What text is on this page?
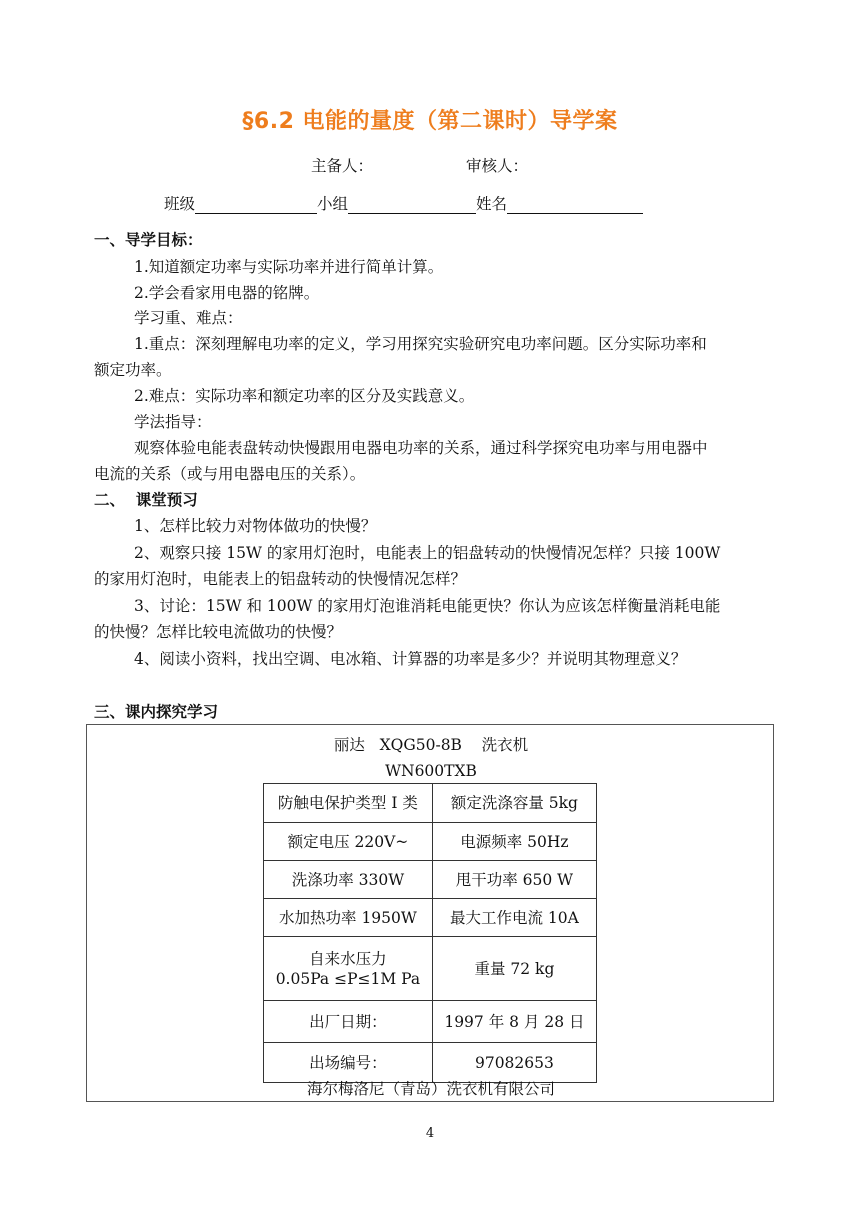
§6.2 电能的量度（第二课时）导学案
主备人：	审核人：
班级	小组	姓名
一、导学目标：
1.知道额定功率与实际功率并进行简单计算。
2.学会看家用电器的铭牌。
学习重、难点：
1.重点：深刻理解电功率的定义，学习用探究实验研究电功率问题。区分实际功率和
额定功率。
2.难点：实际功率和额定功率的区分及实践意义。
学法指导：
观察体验电能表盘转动快慢跟用电器电功率的关系，通过科学探究电功率与用电器中
电流的关系（或与用电器电压的关系）。
二、  课堂预习
1、怎样比较力对物体做功的快慢？
2、观察只接 15W 的家用灯泡时，电能表上的铝盘转动的快慢情况怎样？只接 100W
的家用灯泡时，电能表上的铝盘转动的快慢情况怎样？
3、讨论：15W 和 100W 的家用灯泡谁消耗电能更快？你认为应该怎样衡量消耗电能
的快慢？怎样比较电流做功的快慢？
4、阅读小资料，找出空调、电冰箱、计算器的功率是多少？并说明其物理意义？
三、课内探究学习
丽达   XQG50-8B    洗衣机
WN600TXB
防触电保护类型 I 类	额定洗涤容量 5kg
额定电压 220V~	电源频率 50Hz
洗涤功率 330W	甩干功率 650 W
水加热功率 1950W	最大工作电流 10A

自来水压力
0.05Pa ≤P≤1M Pa	重量 72 kg
出厂日期：	1997 年 8 月 28 日
出场编号：	97082653
海尔梅洛尼（青岛）洗衣机有限公司
4
